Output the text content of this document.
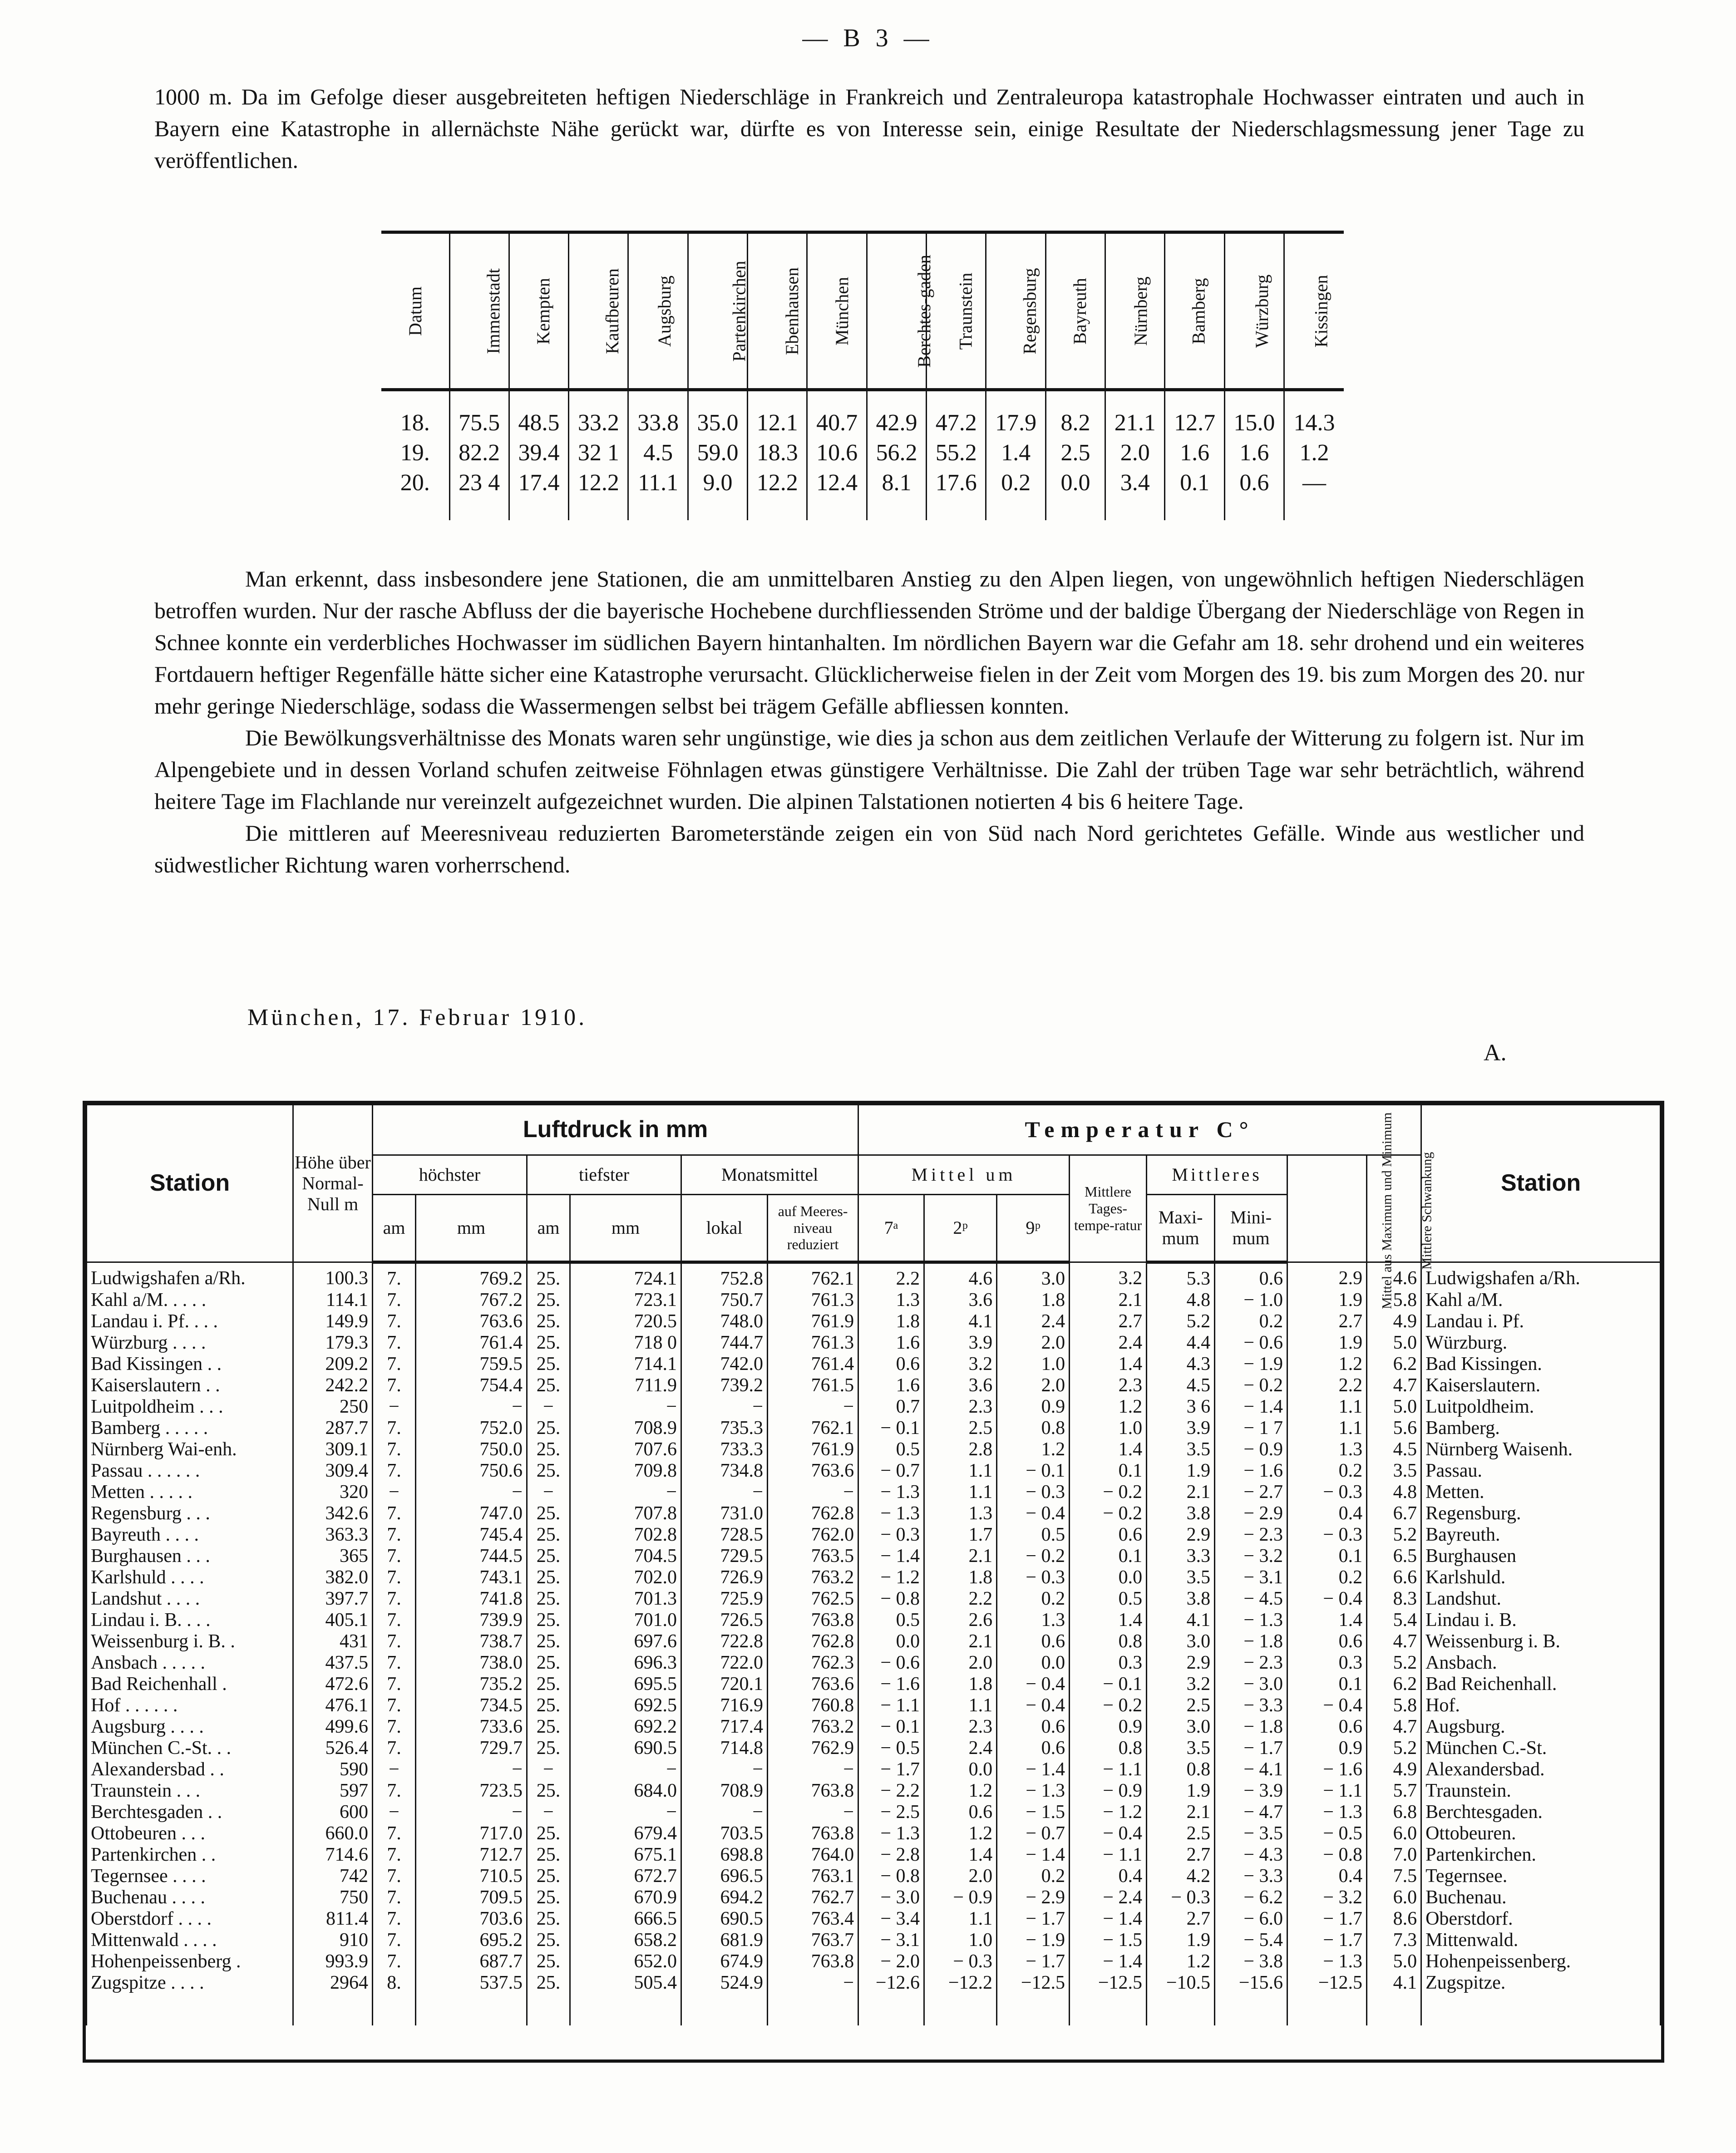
— B 3 —

1000 m. Da im Gefolge dieser ausgebreiteten heftigen Niederschläge in Frankreich und Zentraleuropa katastrophale Hochwasser eintraten und auch in Bayern eine Katastrophe in allernächste Nähe gerückt war, dürfte es von Interesse sein, einige Resultate der Niederschlagsmessung jener Tage zu veröffentlichen.

Datum	Immenstadt	Kempten	Kaufbeuren	Augsburg	Partenkirchen	Ebenhausen	München	Berchtes-gaden	Traunstein	Regensburg	Bayreuth	Nürnberg	Bamberg	Würzburg	Kissingen
18.	75.5	48.5	33.2	33.8	35.0	12.1	40.7	42.9	47.2	17.9	8.2	21.1	12.7	15.0	14.3
19.	82.2	39.4	32 1	4.5	59.0	18.3	10.6	56.2	55.2	1.4	2.5	2.0	1.6	1.6	1.2
20.	23 4	17.4	12.2	11.1	9.0	12.2	12.4	8.1	17.6	0.2	0.0	3.4	0.1	0.6	—

Man erkennt, dass insbesondere jene Stationen, die am unmittelbaren Anstieg zu den Alpen liegen, von ungewöhnlich heftigen Niederschlägen betroffen wurden. Nur der rasche Abfluss der die bayerische Hochebene durchfliessenden Ströme und der baldige Übergang der Niederschläge von Regen in Schnee konnte ein verderbliches Hochwasser im südlichen Bayern hintanhalten. Im nördlichen Bayern war die Gefahr am 18. sehr drohend und ein weiteres Fortdauern heftiger Regenfälle hätte sicher eine Katastrophe verursacht. Glücklicherweise fielen in der Zeit vom Morgen des 19. bis zum Morgen des 20. nur mehr geringe Niederschläge, sodass die Wassermengen selbst bei trägem Gefälle abfliessen konnten.

Die Bewölkungsverhältnisse des Monats waren sehr ungünstige, wie dies ja schon aus dem zeitlichen Verlaufe der Witterung zu folgern ist. Nur im Alpengebiete und in dessen Vorland schufen zeitweise Föhnlagen etwas günstigere Verhältnisse. Die Zahl der trüben Tage war sehr beträchtlich, während heitere Tage im Flachlande nur vereinzelt aufgezeichnet wurden. Die alpinen Talstationen notierten 4 bis 6 heitere Tage.

Die mittleren auf Meeresniveau reduzierten Barometerstände zeigen ein von Süd nach Nord gerichtetes Gefälle. Winde aus westlicher und südwestlicher Richtung waren vorherrschend.

München, 17. Februar 1910.
A.
Station	Höhe über Normal-Null m	Luftdruck in mm						Temperatur C°								Station
		höchster		tiefster		Monatsmittel		Mittel um			Mittlere Tages-tempe-ratur	Mittleres		Mittel aus Maximum und Minimum	Mittlere Schwankung	
		am	mm	am	mm	lokal	auf Meeres-niveau reduziert	7ᵃ	2ᵖ	9ᵖ		Maxi-mum	Mini-mum			
Ludwigshafen a/Rh.	100.3	7.	769.2	25.	724.1	752.8	762.1	2.2	4.6	3.0	3.2	5.3	0.6	2.9	4.6	Ludwigshafen a/Rh.
Kahl a/M. . . . .	114.1	7.	767.2	25.	723.1	750.7	761.3	1.3	3.6	1.8	2.1	4.8	− 1.0	1.9	5.8	Kahl a/M.
Landau i. Pf. . . .	149.9	7.	763.6	25.	720.5	748.0	761.9	1.8	4.1	2.4	2.7	5.2	0.2	2.7	4.9	Landau i. Pf.
Würzburg . . . .	179.3	7.	761.4	25.	718 0	744.7	761.3	1.6	3.9	2.0	2.4	4.4	− 0.6	1.9	5.0	Würzburg.
Bad Kissingen . .	209.2	7.	759.5	25.	714.1	742.0	761.4	0.6	3.2	1.0	1.4	4.3	− 1.9	1.2	6.2	Bad Kissingen.
Kaiserslautern . .	242.2	7.	754.4	25.	711.9	739.2	761.5	1.6	3.6	2.0	2.3	4.5	− 0.2	2.2	4.7	Kaiserslautern.
Luitpoldheim . . .	250	−	−	−	−	−	−	0.7	2.3	0.9	1.2	3 6	− 1.4	1.1	5.0	Luitpoldheim.
Bamberg . . . . .	287.7	7.	752.0	25.	708.9	735.3	762.1	− 0.1	2.5	0.8	1.0	3.9	− 1 7	1.1	5.6	Bamberg.
Nürnberg Wai-enh.	309.1	7.	750.0	25.	707.6	733.3	761.9	0.5	2.8	1.2	1.4	3.5	− 0.9	1.3	4.5	Nürnberg Waisenh.
Passau . . . . . .	309.4	7.	750.6	25.	709.8	734.8	763.6	− 0.7	1.1	− 0.1	0.1	1.9	− 1.6	0.2	3.5	Passau.
Metten . . . . .	320	−	−	−	−	−	−	− 1.3	1.1	− 0.3	− 0.2	2.1	− 2.7	− 0.3	4.8	Metten.
Regensburg . . .	342.6	7.	747.0	25.	707.8	731.0	762.8	− 1.3	1.3	− 0.4	− 0.2	3.8	− 2.9	0.4	6.7	Regensburg.
Bayreuth . . . .	363.3	7.	745.4	25.	702.8	728.5	762.0	− 0.3	1.7	0.5	0.6	2.9	− 2.3	− 0.3	5.2	Bayreuth.
Burghausen . . .	365	7.	744.5	25.	704.5	729.5	763.5	− 1.4	2.1	− 0.2	0.1	3.3	− 3.2	0.1	6.5	Burghausen
Karlshuld . . . .	382.0	7.	743.1	25.	702.0	726.9	763.2	− 1.2	1.8	− 0.3	0.0	3.5	− 3.1	0.2	6.6	Karlshuld.
Landshut . . . .	397.7	7.	741.8	25.	701.3	725.9	762.5	− 0.8	2.2	0.2	0.5	3.8	− 4.5	− 0.4	8.3	Landshut.
Lindau i. B. . . .	405.1	7.	739.9	25.	701.0	726.5	763.8	0.5	2.6	1.3	1.4	4.1	− 1.3	1.4	5.4	Lindau i. B.
Weissenburg i. B. .	431	7.	738.7	25.	697.6	722.8	762.8	0.0	2.1	0.6	0.8	3.0	− 1.8	0.6	4.7	Weissenburg i. B.
Ansbach . . . . .	437.5	7.	738.0	25.	696.3	722.0	762.3	− 0.6	2.0	0.0	0.3	2.9	− 2.3	0.3	5.2	Ansbach.
Bad Reichenhall .	472.6	7.	735.2	25.	695.5	720.1	763.6	− 1.6	1.8	− 0.4	− 0.1	3.2	− 3.0	0.1	6.2	Bad Reichenhall.
Hof . . . . . .	476.1	7.	734.5	25.	692.5	716.9	760.8	− 1.1	1.1	− 0.4	− 0.2	2.5	− 3.3	− 0.4	5.8	Hof.
Augsburg . . . .	499.6	7.	733.6	25.	692.2	717.4	763.2	− 0.1	2.3	0.6	0.9	3.0	− 1.8	0.6	4.7	Augsburg.
München C.-St. . .	526.4	7.	729.7	25.	690.5	714.8	762.9	− 0.5	2.4	0.6	0.8	3.5	− 1.7	0.9	5.2	München C.-St.
Alexandersbad . .	590	−	−	−	−	−	−	− 1.7	0.0	− 1.4	− 1.1	0.8	− 4.1	− 1.6	4.9	Alexandersbad.
Traunstein . . .	597	7.	723.5	25.	684.0	708.9	763.8	− 2.2	1.2	− 1.3	− 0.9	1.9	− 3.9	− 1.1	5.7	Traunstein.
Berchtesgaden . .	600	−	−	−	−	−	−	− 2.5	0.6	− 1.5	− 1.2	2.1	− 4.7	− 1.3	6.8	Berchtesgaden.
Ottobeuren . . .	660.0	7.	717.0	25.	679.4	703.5	763.8	− 1.3	1.2	− 0.7	− 0.4	2.5	− 3.5	− 0.5	6.0	Ottobeuren.
Partenkirchen . .	714.6	7.	712.7	25.	675.1	698.8	764.0	− 2.8	1.4	− 1.4	− 1.1	2.7	− 4.3	− 0.8	7.0	Partenkirchen.
Tegernsee . . . .	742	7.	710.5	25.	672.7	696.5	763.1	− 0.8	2.0	0.2	0.4	4.2	− 3.3	0.4	7.5	Tegernsee.
Buchenau . . . .	750	7.	709.5	25.	670.9	694.2	762.7	− 3.0	− 0.9	− 2.9	− 2.4	− 0.3	− 6.2	− 3.2	6.0	Buchenau.
Oberstdorf . . . .	811.4	7.	703.6	25.	666.5	690.5	763.4	− 3.4	1.1	− 1.7	− 1.4	2.7	− 6.0	− 1.7	8.6	Oberstdorf.
Mittenwald . . . .	910	7.	695.2	25.	658.2	681.9	763.7	− 3.1	1.0	− 1.9	− 1.5	1.9	− 5.4	− 1.7	7.3	Mittenwald.
Hohenpeissenberg .	993.9	7.	687.7	25.	652.0	674.9	763.8	− 2.0	− 0.3	− 1.7	− 1.4	1.2	− 3.8	− 1.3	5.0	Hohenpeissenberg.
Zugspitze . . . .	2964	8.	537.5	25.	505.4	524.9	−	−12.6	−12.2	−12.5	−12.5	−10.5	−15.6	−12.5	4.1	Zugspitze.
